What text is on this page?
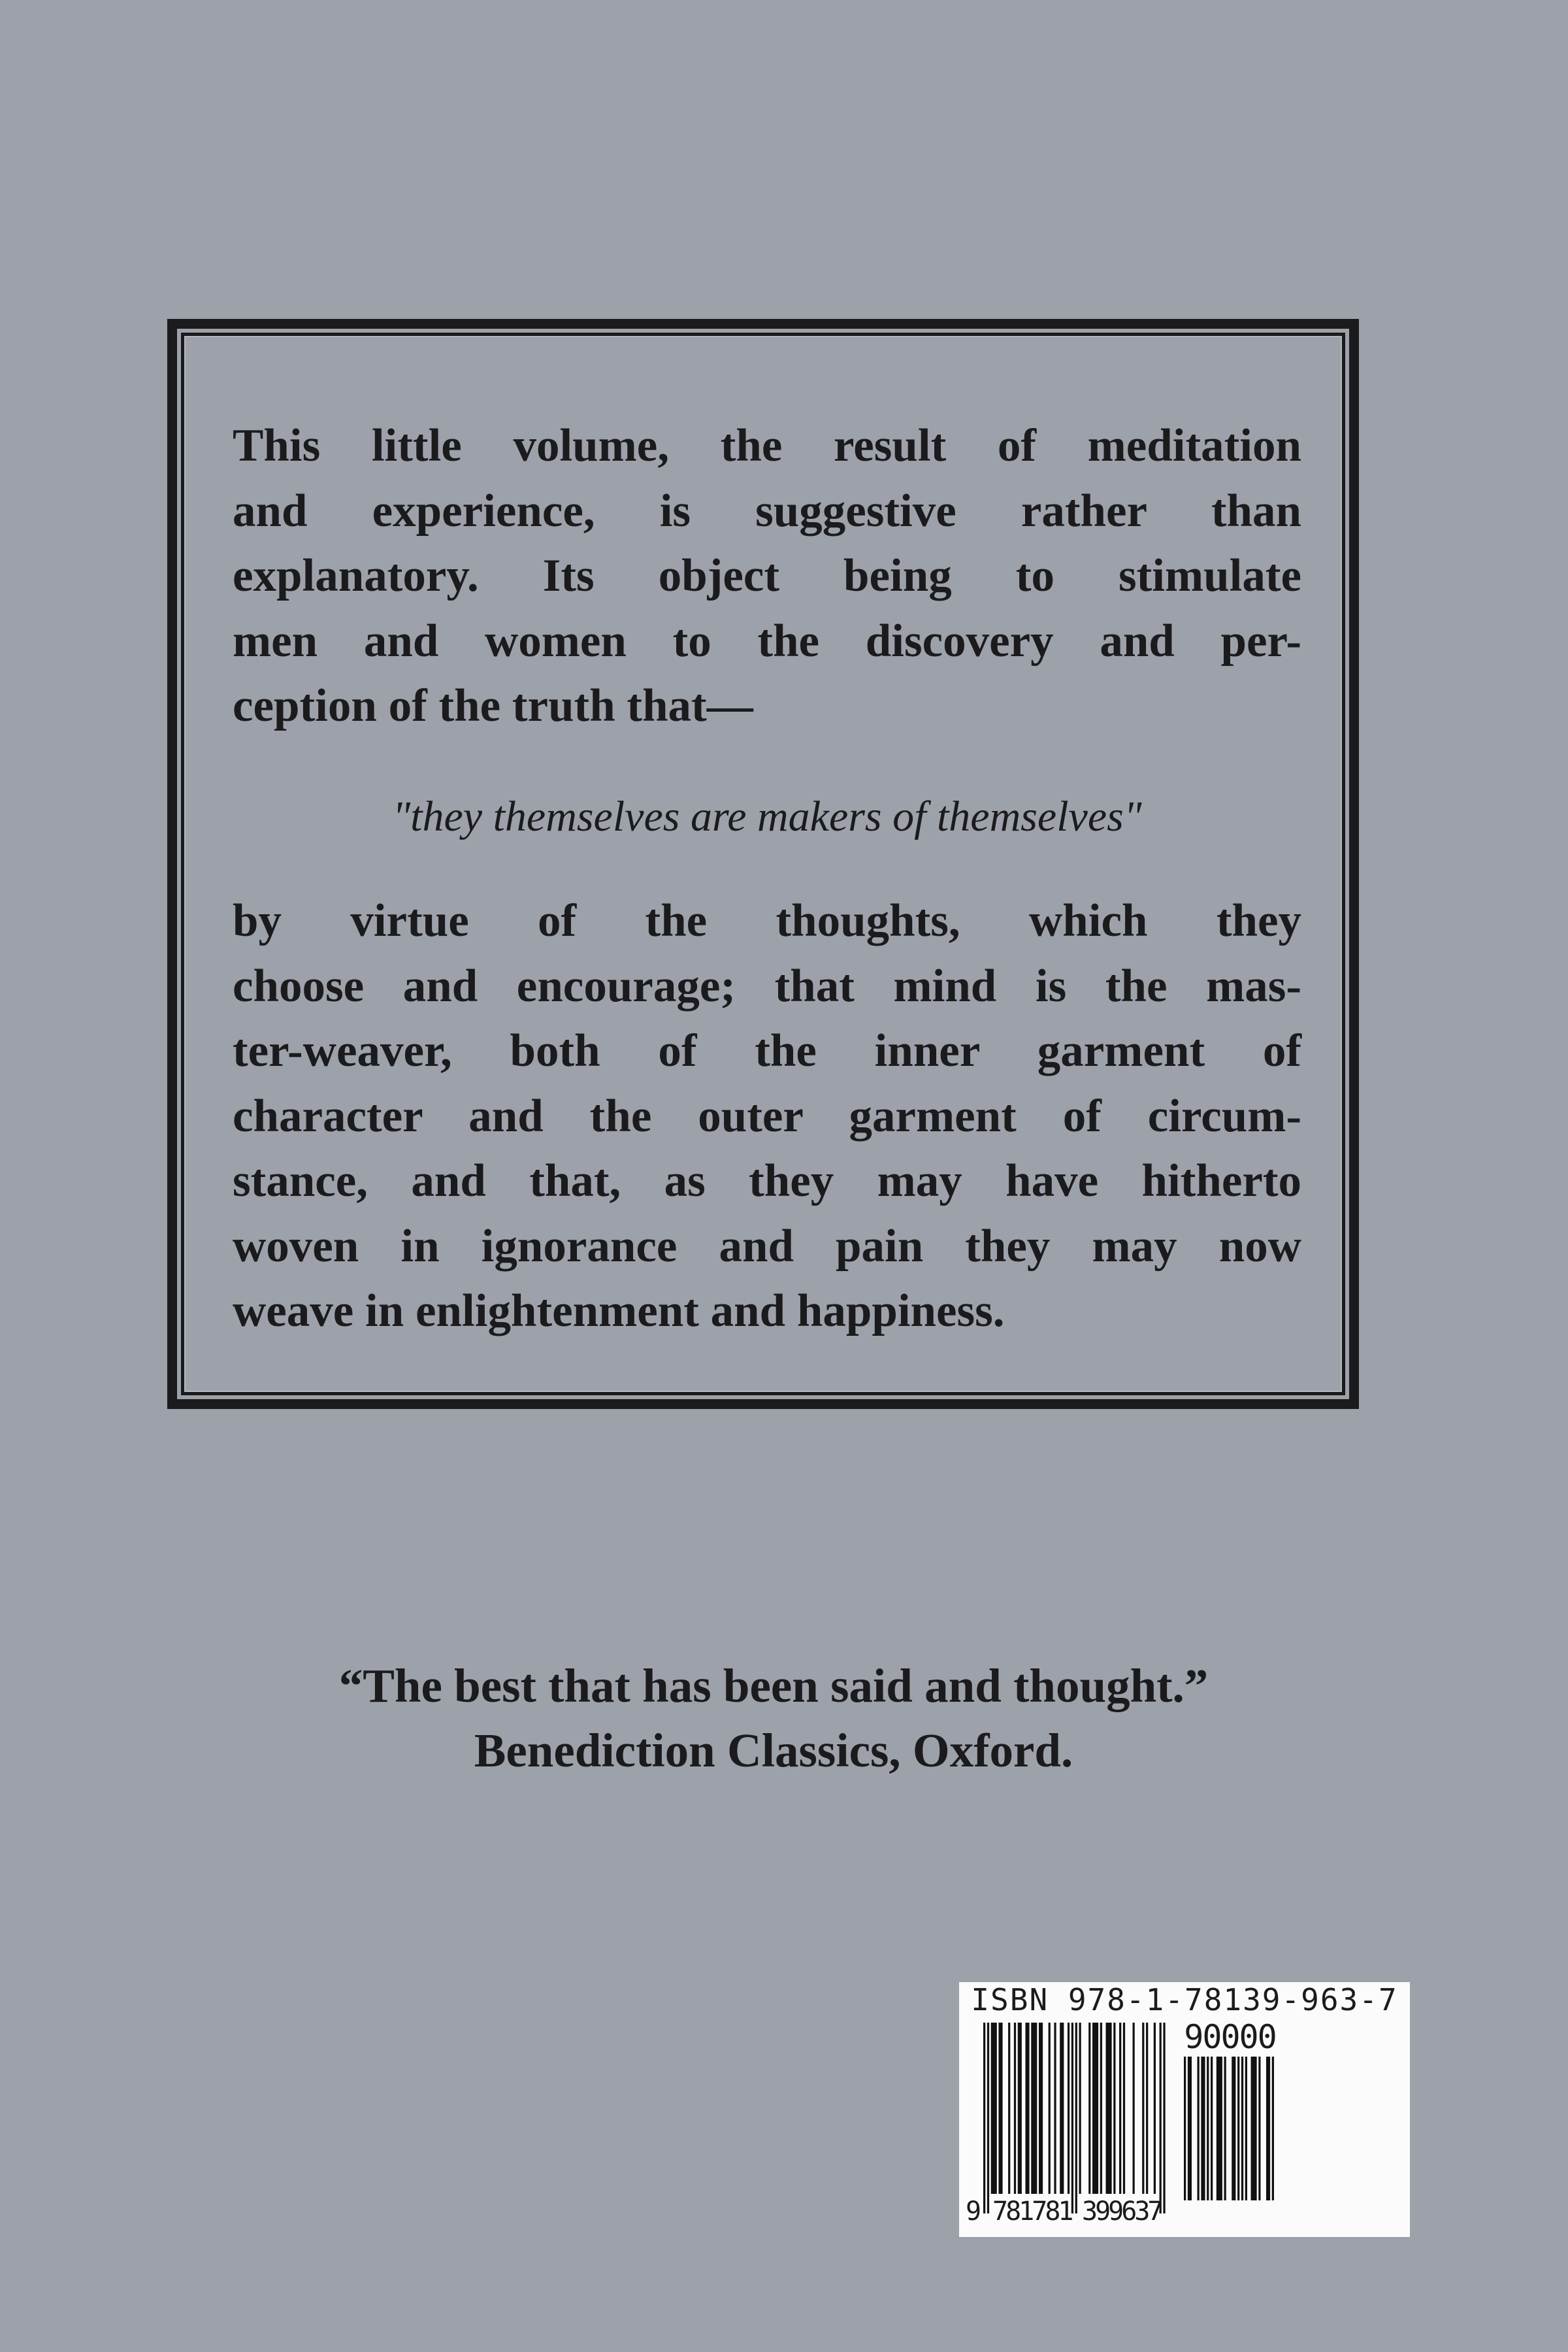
This little volume, the result of meditation
and experience, is suggestive rather than
explanatory. Its object being to stimulate
men and women to the discovery and per-
ception of the truth that—
"they themselves are makers of themselves"
by virtue of the thoughts, which they
choose and encourage; that mind is the mas-
ter-weaver, both of the inner garment of
character and the outer garment of circum-
stance, and that, as they may have hitherto
woven in ignorance and pain they may now
weave in enlightenment and happiness.
“The best that has been said and thought.”
Benediction Classics, Oxford.
ISBN 978-1-78139-963-7
90000
9 781781 399637
